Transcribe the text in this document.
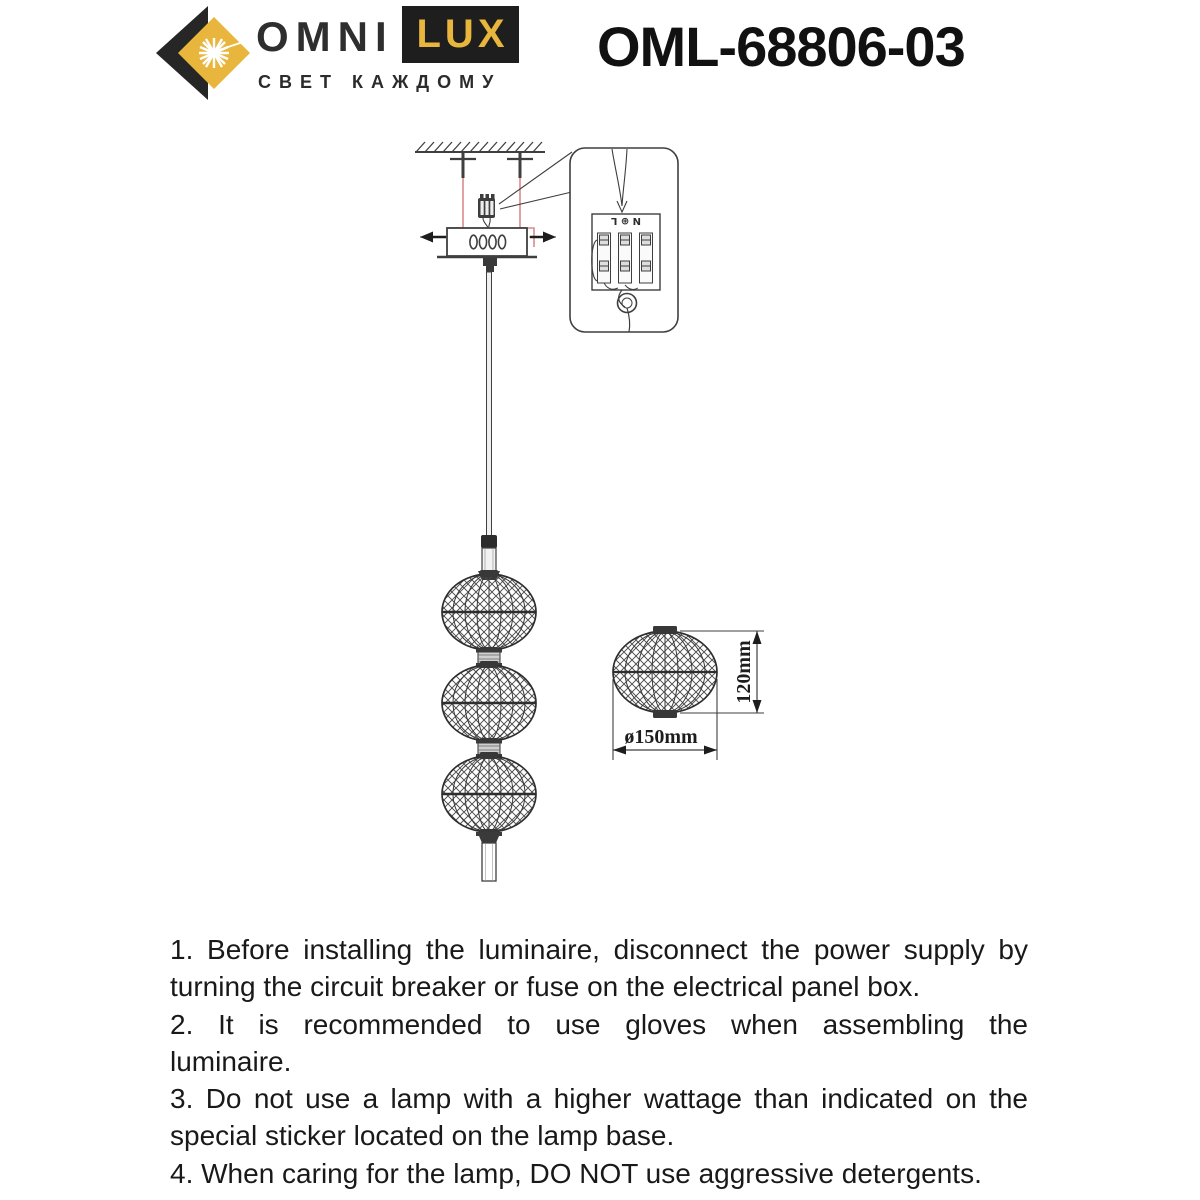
OMNI LUX
СВЕТ КАЖДОМУ
OML-68806-03
N ⊕ L
120mm
ø150mm
1. Before installing the luminaire, disconnect the power supply by
turning the circuit breaker or fuse on the electrical panel box.
2. It is recommended to use gloves when assembling the
luminaire.
3. Do not use a lamp with a higher wattage than indicated on the
special sticker located on the lamp base.
4. When caring for the lamp, DO NOT use aggressive detergents.
